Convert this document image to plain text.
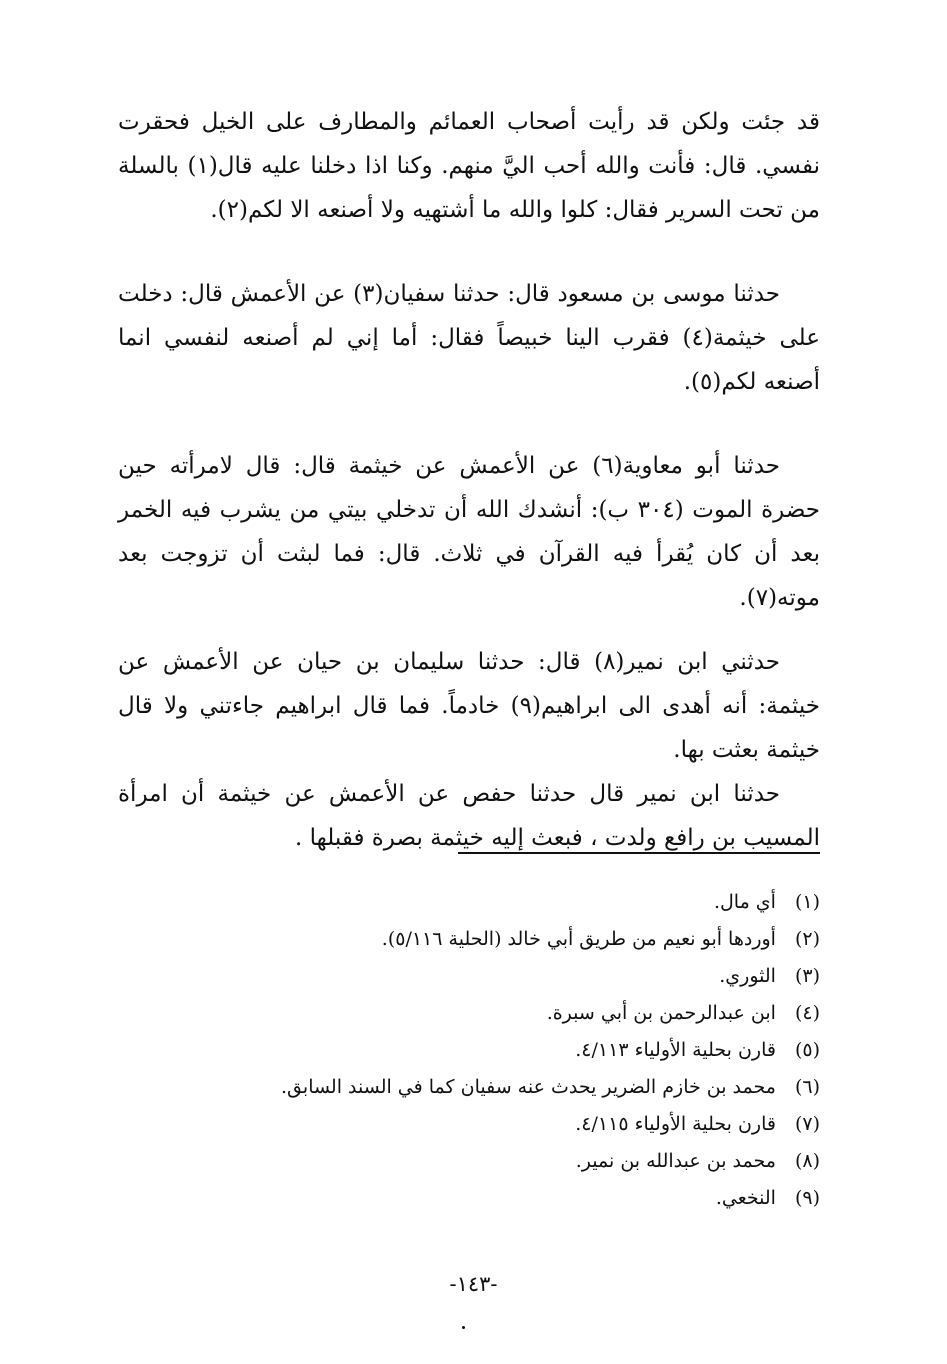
قد جئت ولكن قد رأيت أصحاب العمائم والمطارف على الخيل فحقرت نفسي. قال: فأنت والله أحب اليَّ منهم. وكنا اذا دخلنا عليه قال(١) بالسلة من تحت السرير فقال: كلوا والله ما أشتهيه ولا أصنعه الا لكم(٢).

حدثنا موسى بن مسعود قال: حدثنا سفيان(٣) عن الأعمش قال: دخلت على خيثمة(٤) فقرب الينا خبيصاً فقال: أما إني لم أصنعه لنفسي انما أصنعه لكم(٥).

حدثنا أبو معاوية(٦) عن الأعمش عن خيثمة قال: قال لامرأته حين حضرة الموت (٣٠٤ ب): أنشدك الله أن تدخلي بيتي من يشرب فيه الخمر بعد أن كان يُقرأ فيه القرآن في ثلاث. قال: فما لبثت أن تزوجت بعد موته(٧).

حدثني ابن نمير(٨) قال: حدثنا سليمان بن حيان عن الأعمش عن خيثمة: أنه أهدى الى ابراهيم(٩) خادماً. فما قال ابراهيم جاءتني ولا قال خيثمة بعثت بها.

حدثنا ابن نمير قال حدثنا حفص عن الأعمش عن خيثمة أن امرأة المسيب بن رافع ولدت ، فبعث إليه خيثمة بصرة فقبلها .

(١) أي مال.
(٢) أوردها أبو نعيم من طريق أبي خالد (الحلية ٥/١١٦).
(٣) الثوري.
(٤) ابن عبدالرحمن بن أبي سبرة.
(٥) قارن بحلية الأولياء ٤/١١٣.
(٦) محمد بن خازم الضرير يحدث عنه سفيان كما في السند السابق.
(٧) قارن بحلية الأولياء ٤/١١٥.
(٨) محمد بن عبدالله بن نمير.
(٩) النخعي.
-١٤٣-
